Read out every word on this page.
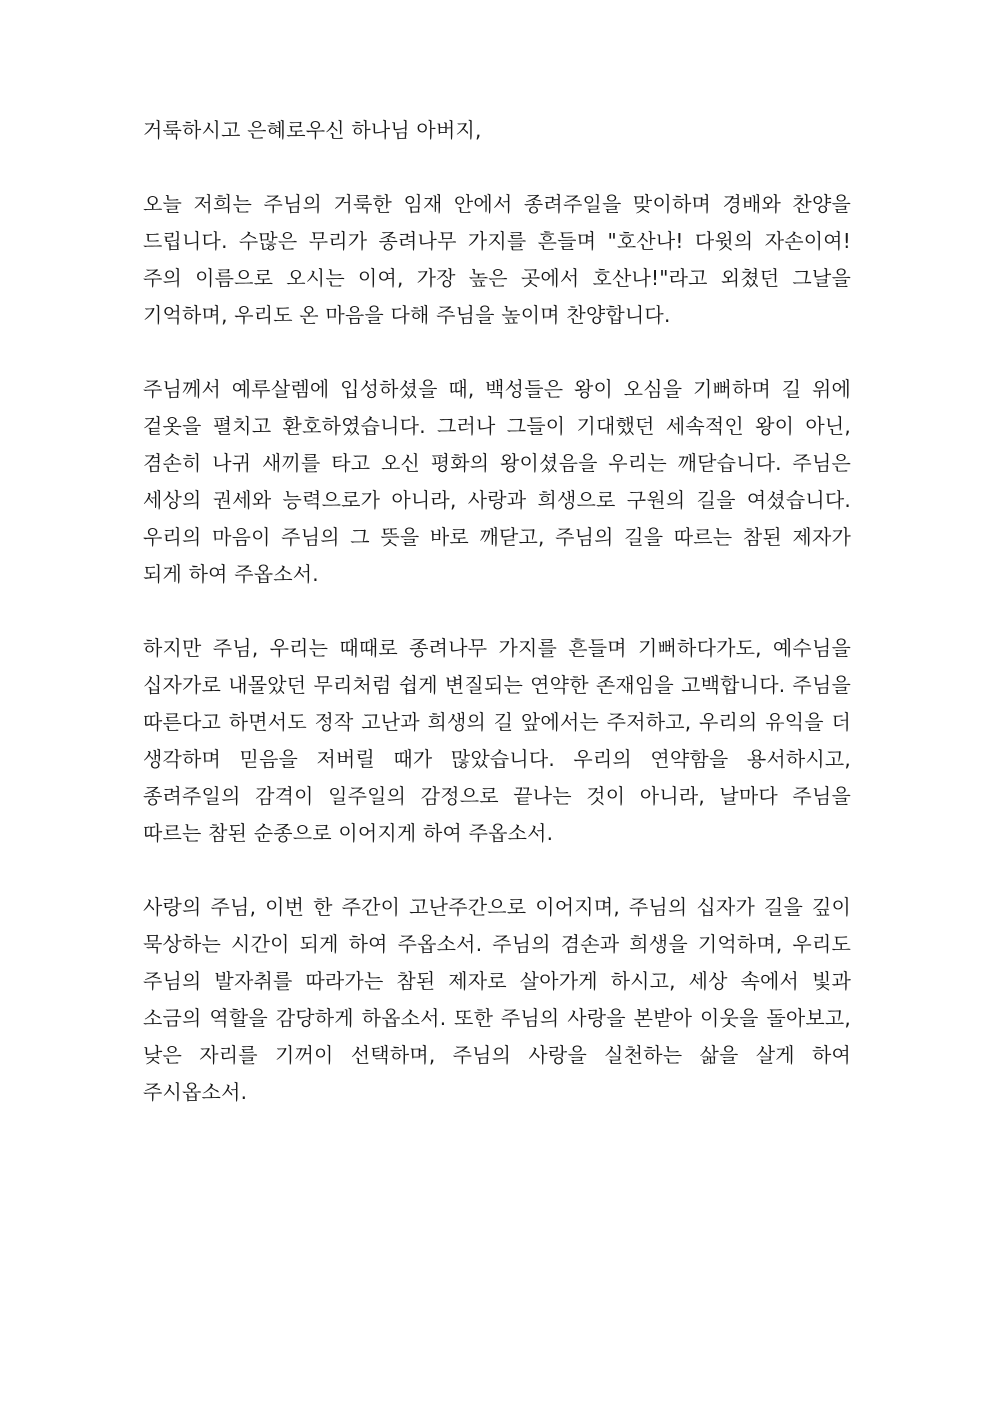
거룩하시고 은혜로우신 하나님 아버지,

오늘 저희는 주님의 거룩한 임재 안에서 종려주일을 맞이하며 경배와 찬양을 드립니다. 수많은 무리가 종려나무 가지를 흔들며 "호산나! 다윗의 자손이여! 주의 이름으로 오시는 이여, 가장 높은 곳에서 호산나!"라고 외쳤던 그날을 기억하며, 우리도 온 마음을 다해 주님을 높이며 찬양합니다.

주님께서 예루살렘에 입성하셨을 때, 백성들은 왕이 오심을 기뻐하며 길 위에 겉옷을 펼치고 환호하였습니다. 그러나 그들이 기대했던 세속적인 왕이 아닌, 겸손히 나귀 새끼를 타고 오신 평화의 왕이셨음을 우리는 깨닫습니다. 주님은 세상의 권세와 능력으로가 아니라, 사랑과 희생으로 구원의 길을 여셨습니다. 우리의 마음이 주님의 그 뜻을 바로 깨닫고, 주님의 길을 따르는 참된 제자가 되게 하여 주옵소서.

하지만 주님, 우리는 때때로 종려나무 가지를 흔들며 기뻐하다가도, 예수님을 십자가로 내몰았던 무리처럼 쉽게 변질되는 연약한 존재임을 고백합니다. 주님을 따른다고 하면서도 정작 고난과 희생의 길 앞에서는 주저하고, 우리의 유익을 더 생각하며 믿음을 저버릴 때가 많았습니다. 우리의 연약함을 용서하시고, 종려주일의 감격이 일주일의 감정으로 끝나는 것이 아니라, 날마다 주님을 따르는 참된 순종으로 이어지게 하여 주옵소서.

사랑의 주님, 이번 한 주간이 고난주간으로 이어지며, 주님의 십자가 길을 깊이 묵상하는 시간이 되게 하여 주옵소서. 주님의 겸손과 희생을 기억하며, 우리도 주님의 발자취를 따라가는 참된 제자로 살아가게 하시고, 세상 속에서 빛과 소금의 역할을 감당하게 하옵소서. 또한 주님의 사랑을 본받아 이웃을 돌아보고, 낮은 자리를 기꺼이 선택하며, 주님의 사랑을 실천하는 삶을 살게 하여 주시옵소서.
